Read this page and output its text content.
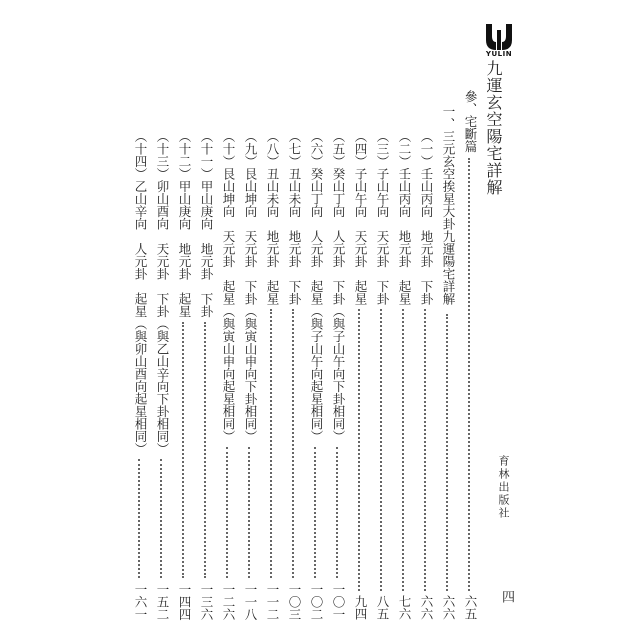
YULIN
九運玄空陽宅詳解
參、宅斷篇
六五
一、三元玄空挨星大卦九運陽宅詳解
六六
（一）壬山丙向　地元卦　下卦
六六
（二）壬山丙向　地元卦　起星
七六
（三）子山午向　天元卦　下卦
八五
（四）子山午向　天元卦　起星
九四
（五）癸山丁向　人元卦　下卦（與子山午向下卦相同）
一〇一
（六）癸山丁向　人元卦　起星（與子山午向起星相同）
一〇二
（七）丑山未向　地元卦　下卦
一〇三
（八）丑山未向　地元卦　起星
一一二
（九）艮山坤向　天元卦　下卦（與寅山申向下卦相同）
一一八
（十）艮山坤向　天元卦　起星（與寅山申向起星相同）
一二六
（十一）甲山庚向　地元卦　下卦
一三六
（十二）甲山庚向　地元卦　起星
一四四
（十三）卯山酉向　天元卦　下卦（與乙山辛向下卦相同）
一五二
（十四）乙山辛向　人元卦　起星（與卯山酉向起星相同）
一六一
育林出版社
四
